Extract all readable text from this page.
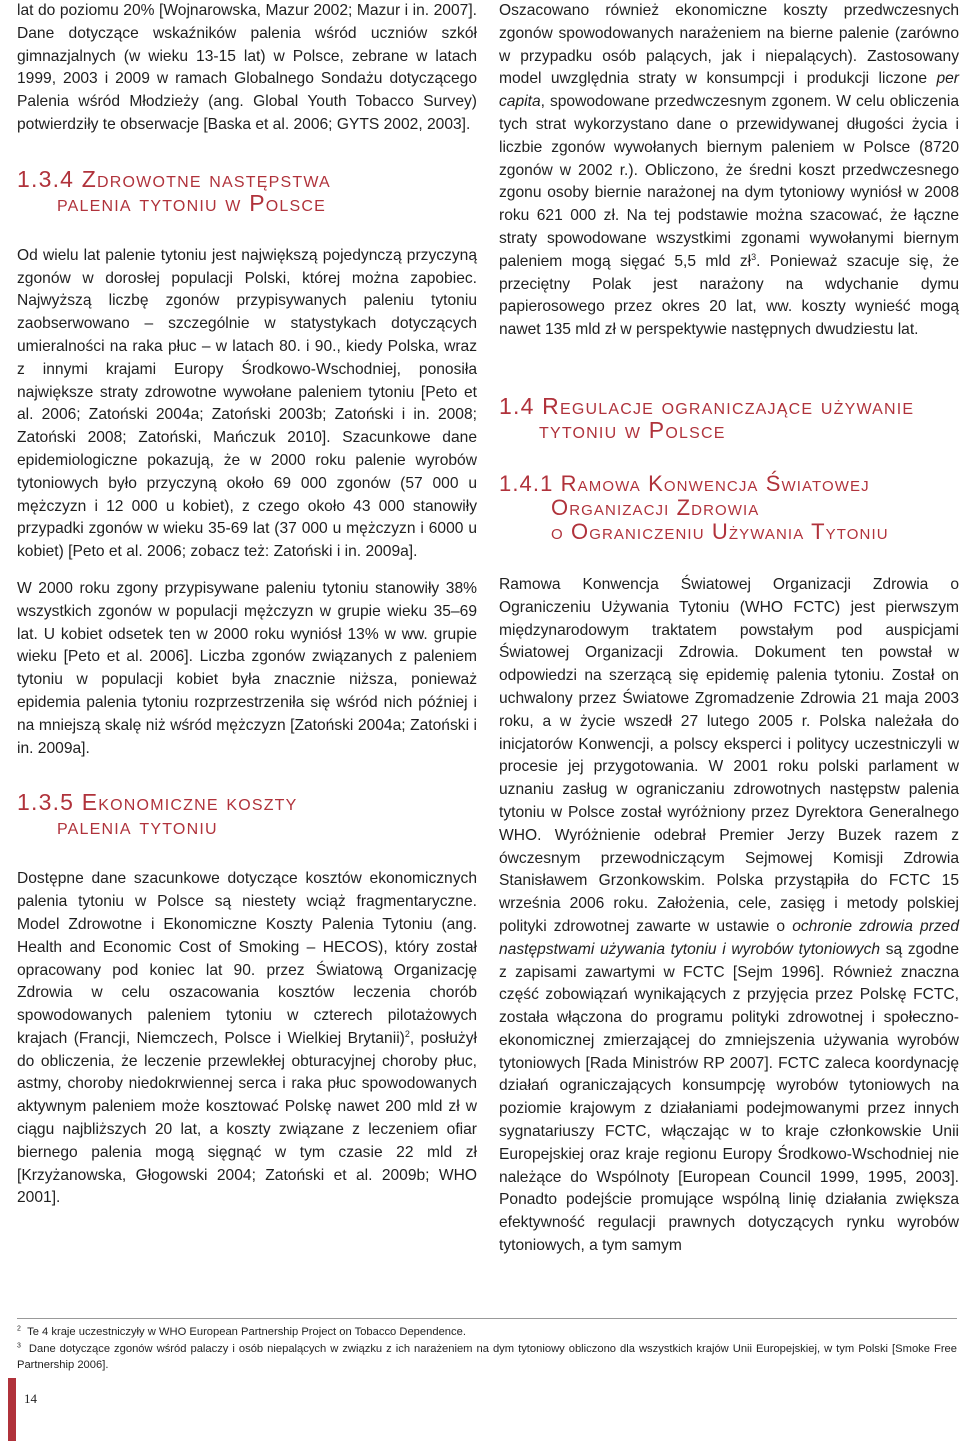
lat do poziomu 20% [Wojnarowska, Mazur 2002; Mazur i in. 2007]. Dane dotyczące wskaźników palenia wśród uczniów szkół gimnazjalnych (w wieku 13-15 lat) w Polsce, zebrane w latach 1999, 2003 i 2009 w ramach Globalnego Sondażu dotyczącego Palenia wśród Młodzieży (ang. Global Youth Tobacco Survey) potwierdziły te obserwacje [Baska et al. 2006; GYTS 2002, 2003].

1.3.4 Zdrowotne następstwa
palenia tytoniu w Polsce

Od wielu lat palenie tytoniu jest największą pojedynczą przyczyną zgonów w dorosłej populacji Polski, której można zapobiec. Najwyższą liczbę zgonów przypisywanych paleniu tytoniu zaobserwowano – szczególnie w statystykach dotyczących umieralności na raka płuc – w latach 80. i 90., kiedy Polska, wraz z innymi krajami Europy Środkowo-Wschodniej, ponosiła największe straty zdrowotne wywołane paleniem tytoniu [Peto et al. 2006; Zatoński 2004a; Zatoński 2003b; Zatoński i in. 2008; Zatoński 2008; Zatoński, Mańczuk 2010]. Szacunkowe dane epidemiologiczne pokazują, że w 2000 roku palenie wyrobów tytoniowych było przyczyną około 69 000 zgonów (57 000 u mężczyzn i 12 000 u kobiet), z czego około 43 000 stanowiły przypadki zgonów w wieku 35-69 lat (37 000 u mężczyzn i 6000 u kobiet) [Peto et al. 2006; zobacz też: Zatoński i in. 2009a].

W 2000 roku zgony przypisywane paleniu tytoniu stanowiły 38% wszystkich zgonów w populacji mężczyzn w grupie wieku 35–69 lat. U kobiet odsetek ten w 2000 roku wyniósł 13% w ww. grupie wieku [Peto et al. 2006]. Liczba zgonów związanych z paleniem tytoniu w populacji kobiet była znacznie niższa, ponieważ epidemia palenia tytoniu rozprzestrzeniła się wśród nich później i na mniejszą skalę niż wśród mężczyzn [Zatoński 2004a; Zatoński i in. 2009a].

1.3.5 Ekonomiczne koszty
palenia tytoniu

Dostępne dane szacunkowe dotyczące kosztów ekonomicznych palenia tytoniu w Polsce są niestety wciąż fragmentaryczne. Model Zdrowotne i Ekonomiczne Koszty Palenia Tytoniu (ang. Health and Economic Cost of Smoking – HECOS), który został opracowany pod koniec lat 90. przez Światową Organizację Zdrowia w celu oszacowania kosztów leczenia chorób spowodowanych paleniem tytoniu w czterech pilotażowych krajach (Francji, Niemczech, Polsce i Wielkiej Brytanii)$^2$, posłużył do obliczenia, że leczenie przewlekłej obturacyjnej choroby płuc, astmy, choroby niedokrwiennej serca i raka płuc spowodowanych aktywnym paleniem może kosztować Polskę nawet 200 mld zł w ciągu najbliższych 20 lat, a koszty związane z leczeniem ofiar biernego palenia mogą sięgnąć w tym czasie 22 mld zł [Krzyżanowska, Głogowski 2004; Zatoński et al. 2009b; WHO 2001].

Oszacowano również ekonomiczne koszty przedwczesnych zgonów spowodowanych narażeniem na bierne palenie (zarówno w przypadku osób palących, jak i niepalących). Zastosowany model uwzględnia straty w konsumpcji i produkcji liczone per capita, spowodowane przedwczesnym zgonem. W celu obliczenia tych strat wykorzystano dane o przewidywanej długości życia i liczbie zgonów wywołanych biernym paleniem w Polsce (8720 zgonów w 2002 r.). Obliczono, że średni koszt przedwczesnego zgonu osoby biernie narażonej na dym tytoniowy wyniósł w 2008 roku 621 000 zł. Na tej podstawie można szacować, że łączne straty spowodowane wszystkimi zgonami wywołanymi biernym paleniem mogą sięgać 5,5 mld $zł^3$. Ponieważ szacuje się, że przeciętny Polak jest narażony na wdychanie dymu papierosowego przez okres 20 lat, ww. koszty wynieść mogą nawet 135 mld zł w perspektywie następnych dwudziestu lat.

1.4 Regulacje ograniczające używanie
tytoniu w Polsce
1.4.1 Ramowa Konwencja Światowej
Organizacji Zdrowia
o Ograniczeniu Używania Tytoniu

Ramowa Konwencja Światowej Organizacji Zdrowia o Ograniczeniu Używania Tytoniu (WHO FCTC) jest pierwszym międzynarodowym traktatem powstałym pod auspicjami Światowej Organizacji Zdrowia. Dokument ten powstał w odpowiedzi na szerzącą się epidemię palenia tytoniu. Został on uchwalony przez Światowe Zgromadzenie Zdrowia 21 maja 2003 roku, a w życie wszedł 27 lutego 2005 r. Polska należała do inicjatorów Konwencji, a polscy eksperci i politycy uczestniczyli w procesie jej przygotowania. W 2001 roku polski parlament w uznaniu zasług w ograniczaniu zdrowotnych następstw palenia tytoniu w Polsce został wyróżniony przez Dyrektora Generalnego WHO. Wyróżnienie odebrał Premier Jerzy Buzek razem z ówczesnym przewodniczącym Sejmowej Komisji Zdrowia Stanisławem Grzonkowskim. Polska przystąpiła do FCTC 15 września 2006 roku. Założenia, cele, zasięg i metody polskiej polityki zdrowotnej zawarte w ustawie o ochronie zdrowia przed następstwami używania tytoniu i wyrobów tytoniowych są zgodne z zapisami zawartymi w FCTC [Sejm 1996]. Również znaczna część zobowiązań wynikających z przyjęcia przez Polskę FCTC, została włączona do programu polityki zdrowotnej i społeczno-ekonomicznej zmierzającej do zmniejszenia używania wyrobów tytoniowych [Rada Ministrów RP 2007]. FCTC zaleca koordynację działań ograniczających konsumpcję wyrobów tytoniowych na poziomie krajowym z działaniami podejmowanymi przez innych sygnatariuszy FCTC, włączając w to kraje członkowskie Unii Europejskiej oraz kraje regionu Europy Środkowo-Wschodniej nie należące do Wspólnoty [European Council 1999, 1995, 2003]. Ponadto podejście promujące wspólną linię działania zwiększa efektywność regulacji prawnych dotyczących rynku wyrobów tytoniowych, a tym samym

$^2$ Te 4 kraje uczestniczyły w WHO European Partnership Project on Tobacco Dependence.

$^3$ Dane dotyczące zgonów wśród palaczy i osób niepalących w związku z ich narażeniem na dym tytoniowy obliczono dla wszystkich krajów Unii Europejskiej, w tym Polski [Smoke Free Partnership 2006].

14
